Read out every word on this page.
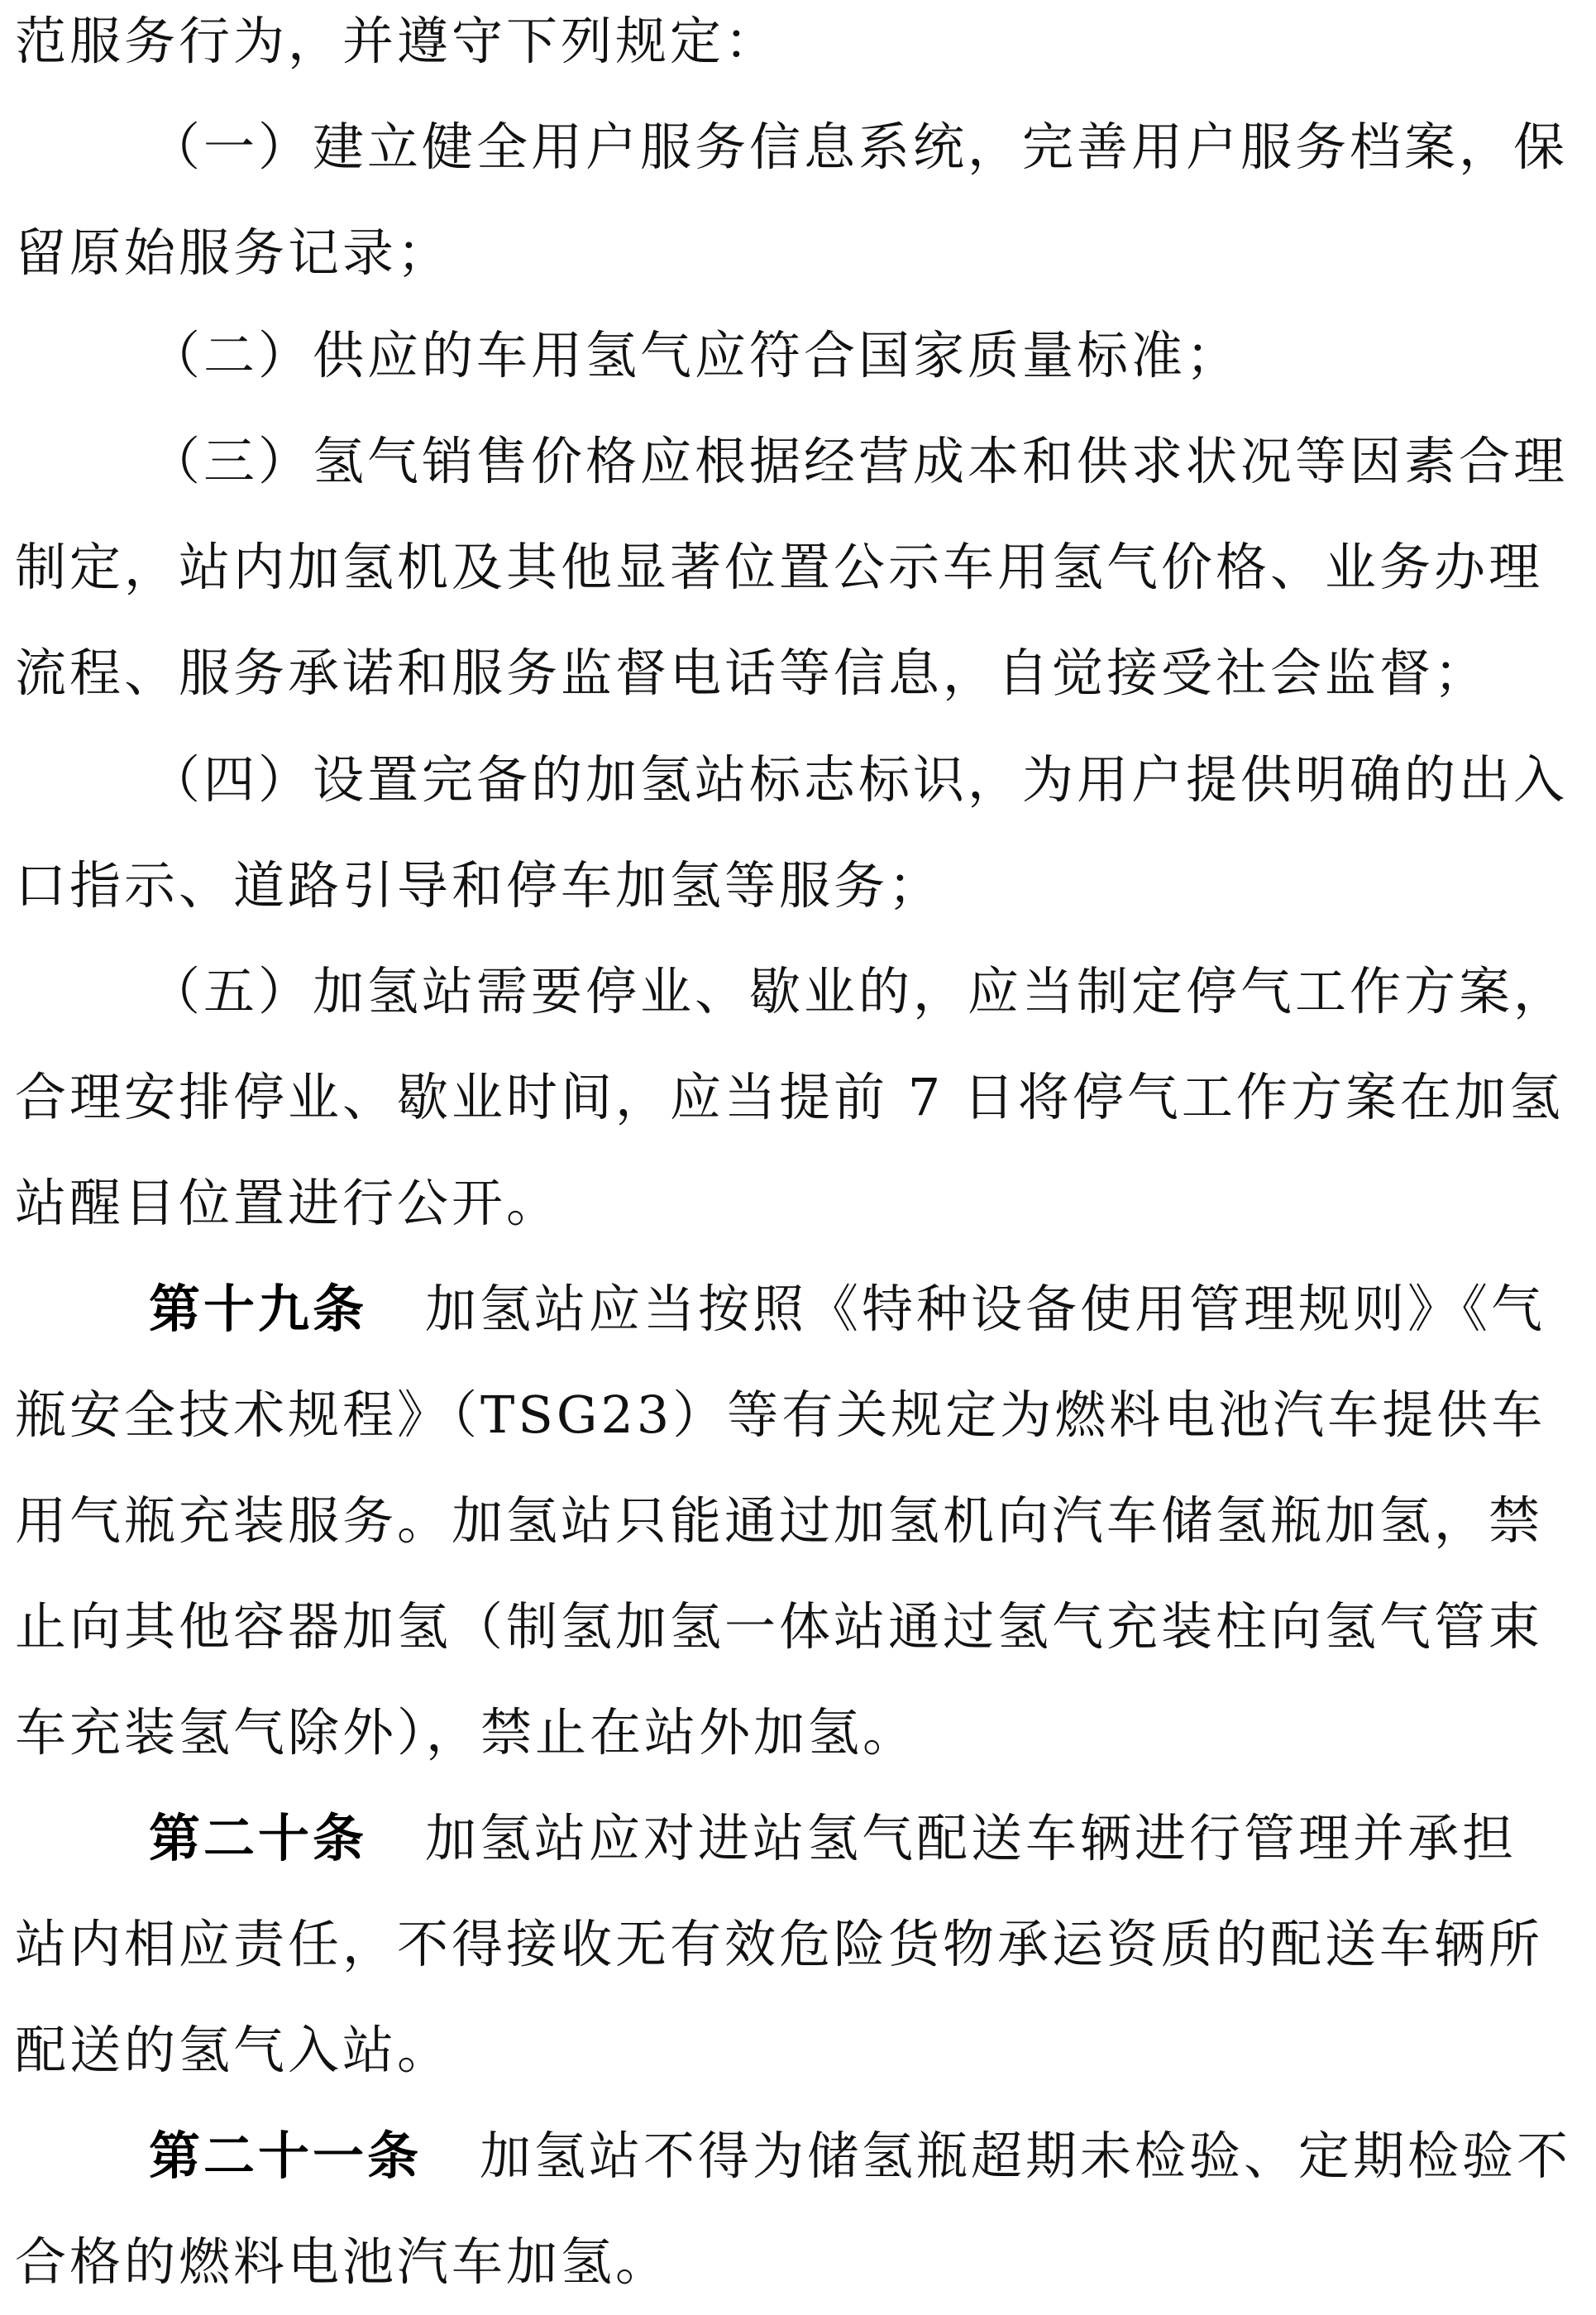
范服务行为，并遵守下列规定：
（一）建立健全用户服务信息系统，完善用户服务档案，保
留原始服务记录；
（二）供应的车用氢气应符合国家质量标准；
（三）氢气销售价格应根据经营成本和供求状况等因素合理
制定，站内加氢机及其他显著位置公示车用氢气价格、业务办理
流程、服务承诺和服务监督电话等信息，自觉接受社会监督；
（四）设置完备的加氢站标志标识，为用户提供明确的出入
口指示、道路引导和停车加氢等服务；
（五）加氢站需要停业、歇业的，应当制定停气工作方案，
合理安排停业、歇业时间，应当提前 7 日将停气工作方案在加氢
站醒目位置进行公开。
第十九条 加氢站应当按照《特种设备使用管理规则》《气
瓶安全技术规程》（TSG23）等有关规定为燃料电池汽车提供车
用气瓶充装服务。加氢站只能通过加氢机向汽车储氢瓶加氢，禁
止向其他容器加氢（制氢加氢一体站通过氢气充装柱向氢气管束
车充装氢气除外），禁止在站外加氢。
第二十条 加氢站应对进站氢气配送车辆进行管理并承担
站内相应责任，不得接收无有效危险货物承运资质的配送车辆所
配送的氢气入站。
第二十一条 加氢站不得为储氢瓶超期未检验、定期检验不
合格的燃料电池汽车加氢。
